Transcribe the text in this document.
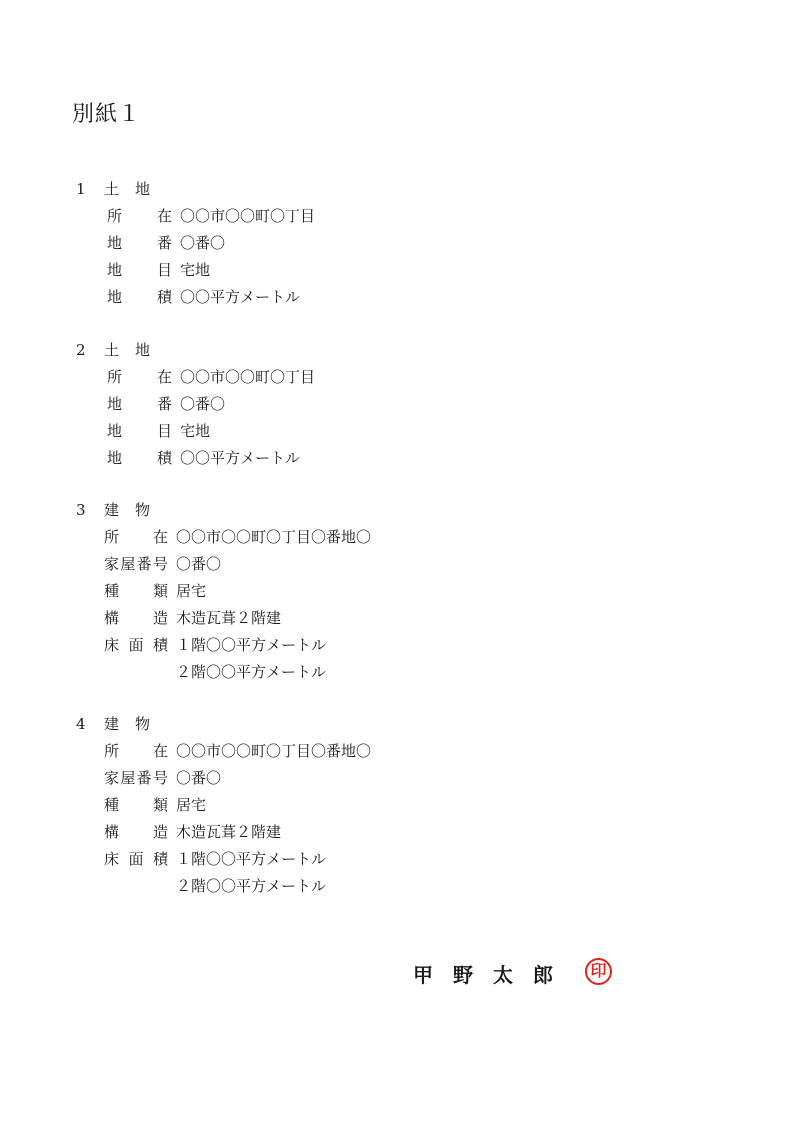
別紙１
1 土地
所在 〇〇市〇〇町〇丁目
地番 〇番〇
地目 宅地
地積 〇〇平方メートル
2 土地
所在 〇〇市〇〇町〇丁目
地番 〇番〇
地目 宅地
地積 〇〇平方メートル
3 建物
所在 〇〇市〇〇町〇丁目〇番地〇
家屋番号 〇番〇
種類 居宅
構造 木造瓦葺２階建
床面積 １階〇〇平方メートル
２階〇〇平方メートル
4 建物
所在 〇〇市〇〇町〇丁目〇番地〇
家屋番号 〇番〇
種類 居宅
構造 木造瓦葺２階建
床面積 １階〇〇平方メートル
２階〇〇平方メートル
甲野太郎	印
